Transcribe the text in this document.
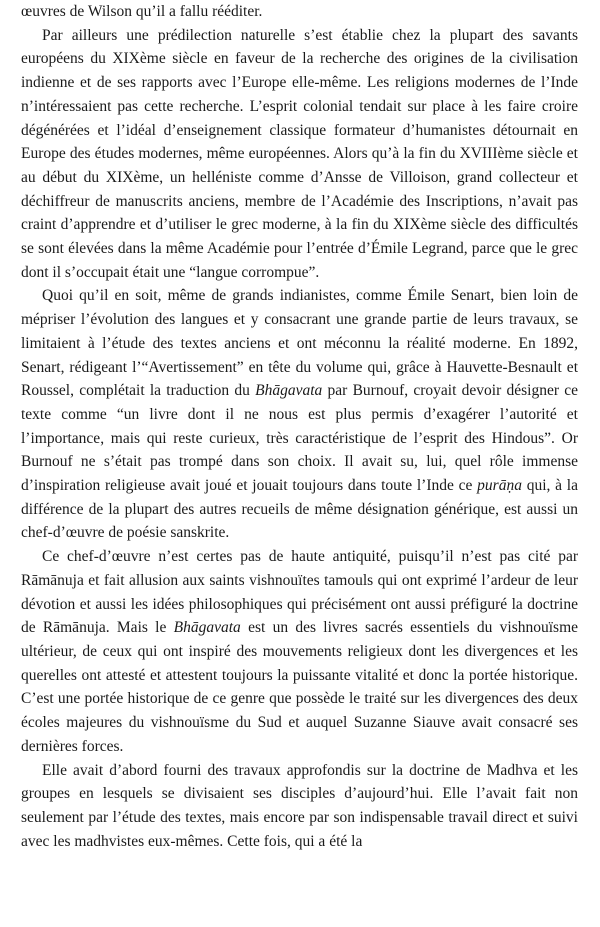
œuvres de Wilson qu’il a fallu rééditer.

Par ailleurs une prédilection naturelle s’est établie chez la plupart des savants européens du XIXème siècle en faveur de la recherche des origines de la civilisation indienne et de ses rapports avec l’Europe elle-même. Les religions modernes de l’Inde n’intéressaient pas cette recherche. L’esprit colonial tendait sur place à les faire croire dégénérées et l’idéal d’enseignement classique formateur d’humanistes détournait en Europe des études modernes, même européennes. Alors qu’à la fin du XVIIIème siècle et au début du XIXème, un helléniste comme d’Ansse de Villoison, grand collecteur et déchiffreur de manuscrits anciens, membre de l’Académie des Inscriptions, n’avait pas craint d’apprendre et d’utiliser le grec moderne, à la fin du XIXème siècle des difficultés se sont élevées dans la même Académie pour l’entrée d’Émile Legrand, parce que le grec dont il s’occupait était une “langue corrompue”.

Quoi qu’il en soit, même de grands indianistes, comme Émile Senart, bien loin de mépriser l’évolution des langues et y consacrant une grande partie de leurs travaux, se limitaient à l’étude des textes anciens et ont méconnu la réalité moderne. En 1892, Senart, rédigeant l’“Avertissement” en tête du volume qui, grâce à Hauvette-Besnault et Roussel, complétait la traduction du Bhāgavata par Burnouf, croyait devoir désigner ce texte comme “un livre dont il ne nous est plus permis d’exagérer l’autorité et l’importance, mais qui reste curieux, très caractéristique de l’esprit des Hindous”. Or Burnouf ne s’était pas trompé dans son choix. Il avait su, lui, quel rôle immense d’inspiration religieuse avait joué et jouait toujours dans toute l’Inde ce purāṇa qui, à la différence de la plupart des autres recueils de même désignation générique, est aussi un chef-d’œuvre de poésie sanskrite.

Ce chef-d’œuvre n’est certes pas de haute antiquité, puisqu’il n’est pas cité par Rāmānuja et fait allusion aux saints vishnouïtes tamouls qui ont exprimé l’ardeur de leur dévotion et aussi les idées philosophiques qui précisément ont aussi préfiguré la doctrine de Rāmānuja. Mais le Bhāgavata est un des livres sacrés essentiels du vishnouïsme ultérieur, de ceux qui ont inspiré des mouvements religieux dont les divergences et les querelles ont attesté et attestent toujours la puissante vitalité et donc la portée historique. C’est une portée historique de ce genre que possède le traité sur les divergences des deux écoles majeures du vishnouïsme du Sud et auquel Suzanne Siauve avait consacré ses dernières forces.

Elle avait d’abord fourni des travaux approfondis sur la doctrine de Madhva et les groupes en lesquels se divisaient ses disciples d’aujourd’hui. Elle l’avait fait non seulement par l’étude des textes, mais encore par son indispensable travail direct et suivi avec les madhvistes eux-mêmes. Cette fois, qui a été la
